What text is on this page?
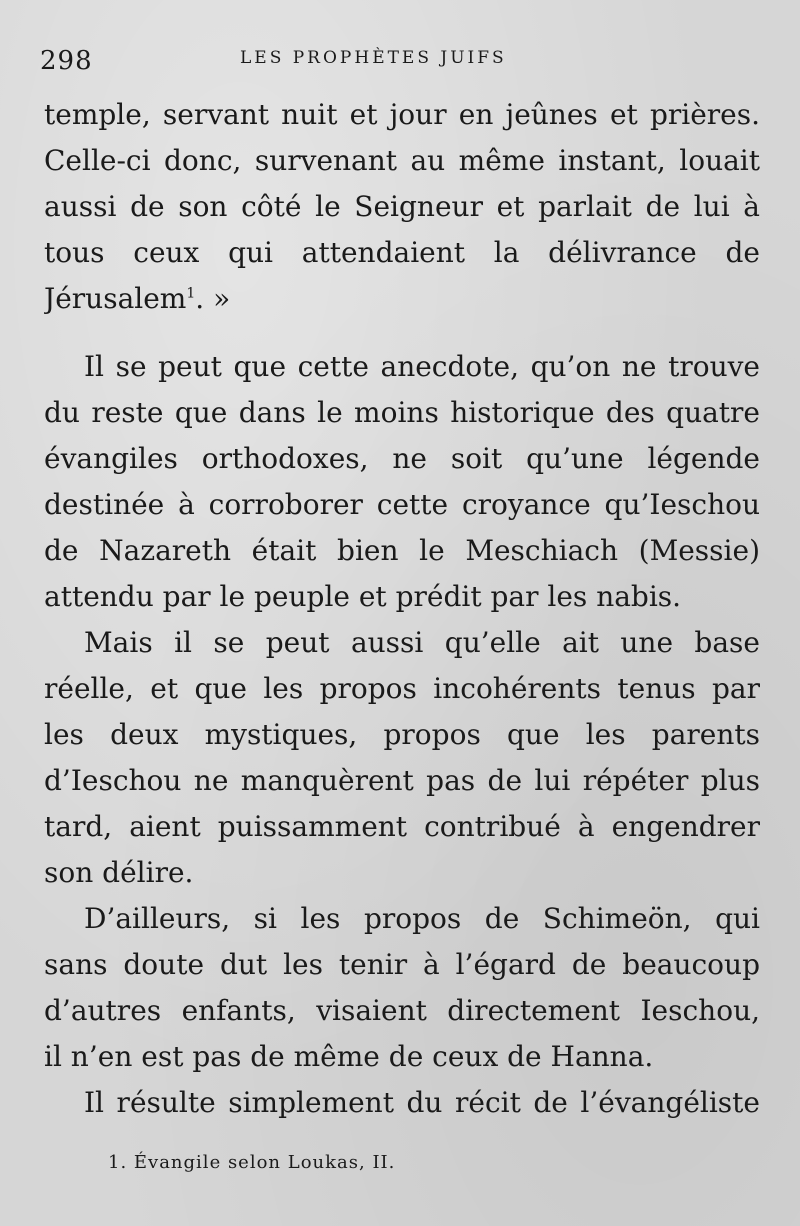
298	LES PROPHÈTES JUIFS
temple, servant nuit et jour en jeûnes et prières.
Celle-ci donc, survenant au même instant, louait
aussi de son côté le Seigneur et parlait de lui à
tous ceux qui attendaient la délivrance de
Jérusalem$^1$. »
Il se peut que cette anecdote, qu’on ne trouve
du reste que dans le moins historique des quatre
évangiles orthodoxes, ne soit qu’une légende
destinée à corroborer cette croyance qu’Ieschou
de Nazareth était bien le Meschiach (Messie)
attendu par le peuple et prédit par les nabis.
Mais il se peut aussi qu’elle ait une base
réelle, et que les propos incohérents tenus par
les deux mystiques, propos que les parents
d’Ieschou ne manquèrent pas de lui répéter plus
tard, aient puissamment contribué à engendrer
son délire.
D’ailleurs, si les propos de Schimeön, qui
sans doute dut les tenir à l’égard de beaucoup
d’autres enfants, visaient directement Ieschou,
il n’en est pas de même de ceux de Hanna.
Il résulte simplement du récit de l’évangéliste
1. Évangile selon Loukas, II.
